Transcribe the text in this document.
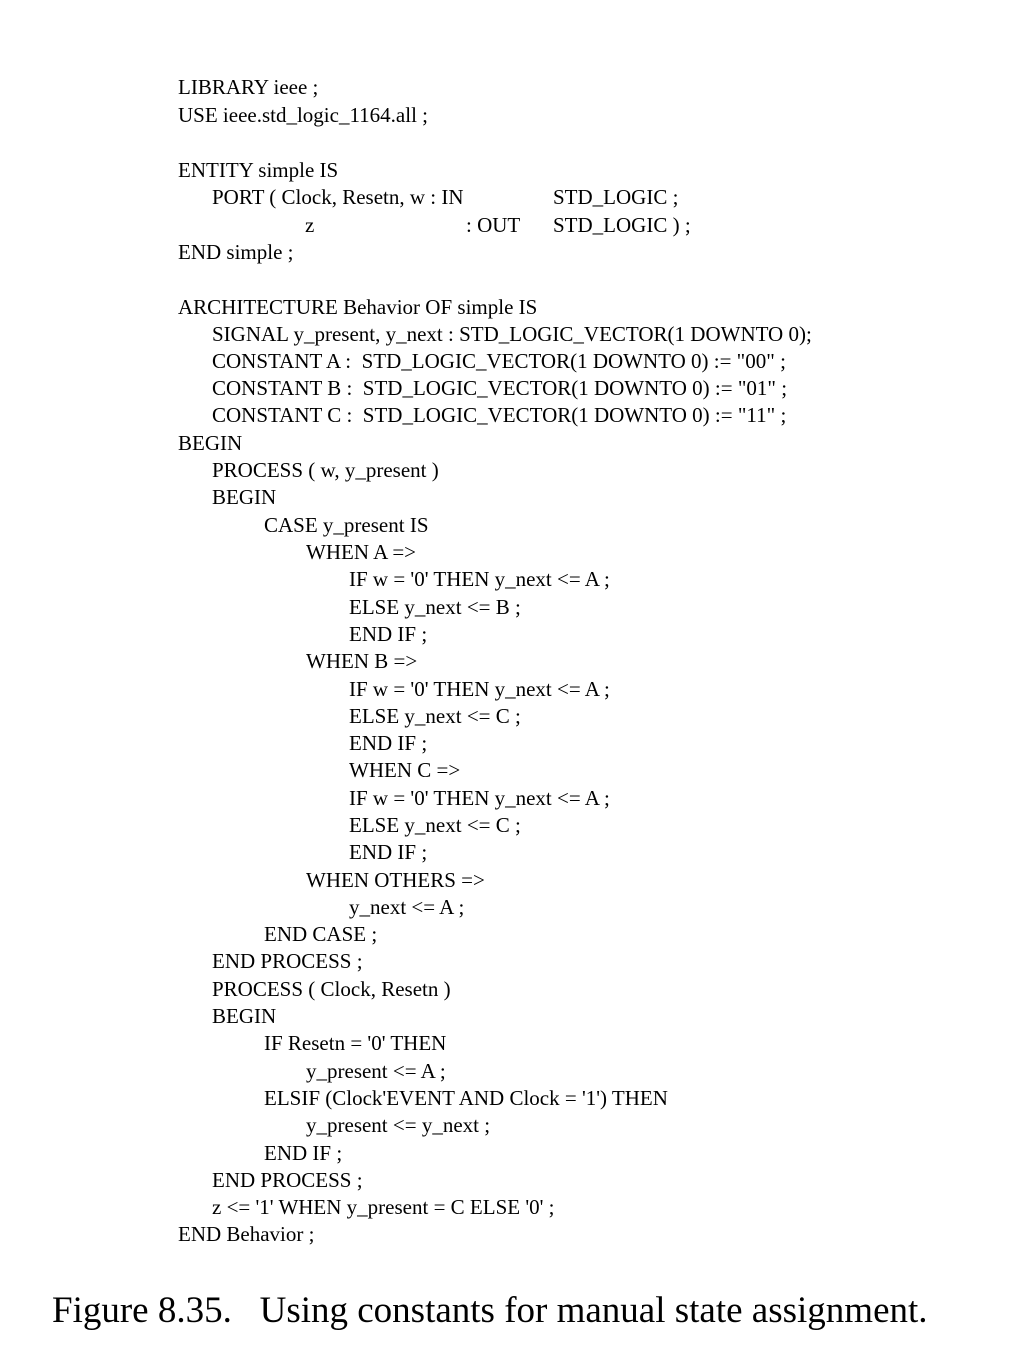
LIBRARY ieee ;
USE ieee.std_logic_1164.all ;
ENTITY simple IS
PORT ( Clock, Resetn, w : IN	STD_LOGIC ;
z	: OUT STD_LOGIC ) ;
END simple ;
ARCHITECTURE Behavior OF simple IS
SIGNAL y_present, y_next : STD_LOGIC_VECTOR(1 DOWNTO 0);
CONSTANT A :  STD_LOGIC_VECTOR(1 DOWNTO 0) := "00" ;
CONSTANT B :  STD_LOGIC_VECTOR(1 DOWNTO 0) := "01" ;
CONSTANT C :  STD_LOGIC_VECTOR(1 DOWNTO 0) := "11" ;
BEGIN
PROCESS ( w, y_present )
BEGIN
CASE y_present IS
WHEN A =>
IF w = '0' THEN y_next <= A ;
ELSE y_next <= B ;
END IF ;
WHEN B =>
IF w = '0' THEN y_next <= A ;
ELSE y_next <= C ;
END IF ;
WHEN C =>
IF w = '0' THEN y_next <= A ;
ELSE y_next <= C ;
END IF ;
WHEN OTHERS =>
y_next <= A ;
END CASE ;
END PROCESS ;
PROCESS ( Clock, Resetn )
BEGIN
IF Resetn = '0' THEN
y_present <= A ;
ELSIF (Clock'EVENT AND Clock = '1') THEN
y_present <= y_next ;
END IF ;
END PROCESS ;
z <= '1' WHEN y_present = C ELSE '0' ;
END Behavior ;
Figure 8.35.   Using constants for manual state assignment.
